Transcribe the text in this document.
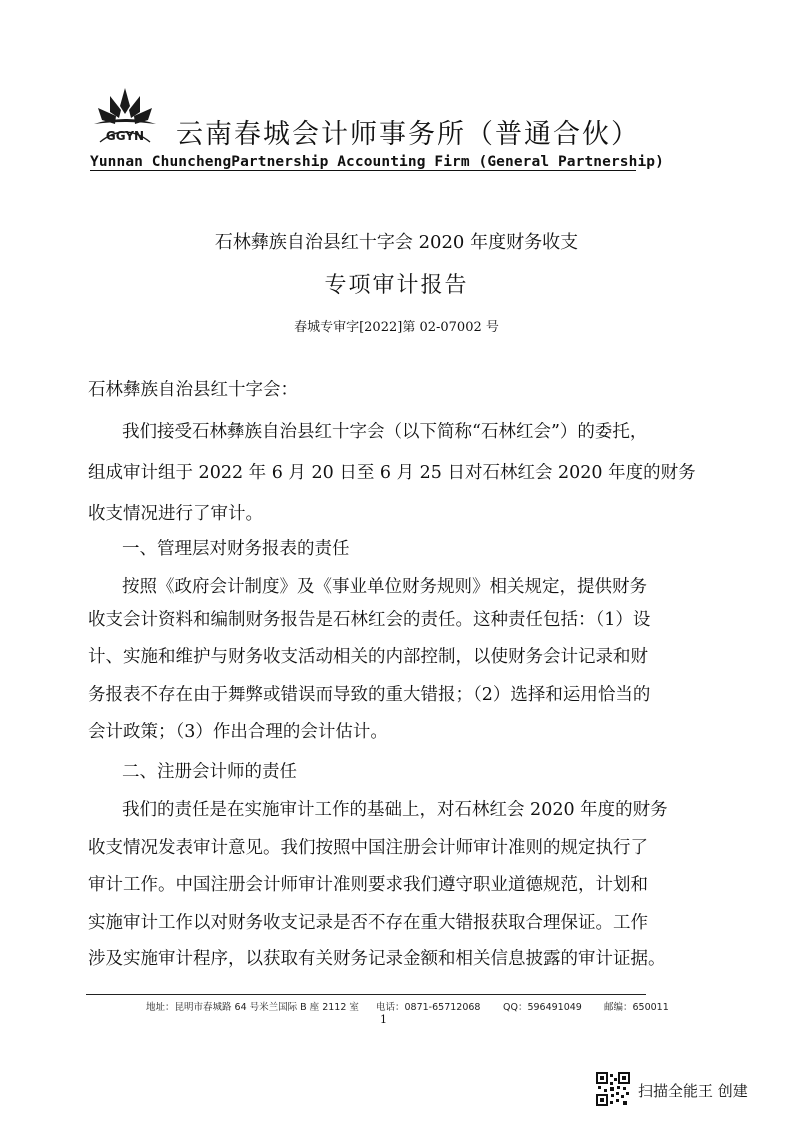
GGYN 云南春城会计师事务所（普通合伙）
Yunnan ChunchengPartnership Accounting Firm (General Partnership)
石林彝族自治县红十字会 2020 年度财务收支
专项审计报告
春城专审字[2022]第 02-07002 号
石林彝族自治县红十字会：
我们接受石林彝族自治县红十字会（以下简称“石林红会”）的委托，
组成审计组于 2022 年 6 月 20 日至 6 月 25 日对石林红会 2020 年度的财务
收支情况进行了审计。
一、管理层对财务报表的责任
按照《政府会计制度》及《事业单位财务规则》相关规定，提供财务
收支会计资料和编制财务报告是石林红会的责任。这种责任包括：（1）设
计、实施和维护与财务收支活动相关的内部控制，以使财务会计记录和财
务报表不存在由于舞弊或错误而导致的重大错报；（2）选择和运用恰当的
会计政策；（3）作出合理的会计估计。
二、注册会计师的责任
我们的责任是在实施审计工作的基础上，对石林红会 2020 年度的财务
收支情况发表审计意见。我们按照中国注册会计师审计准则的规定执行了
审计工作。中国注册会计师审计准则要求我们遵守职业道德规范，计划和
实施审计工作以对财务收支记录是否不存在重大错报获取合理保证。工作
涉及实施审计程序，以获取有关财务记录金额和相关信息披露的审计证据。
地址：昆明市春城路 64 号米兰国际 B 座 2112 室 电话：0871-65712068 QQ：596491049 邮编：650011
1
扫描全能王 创建
